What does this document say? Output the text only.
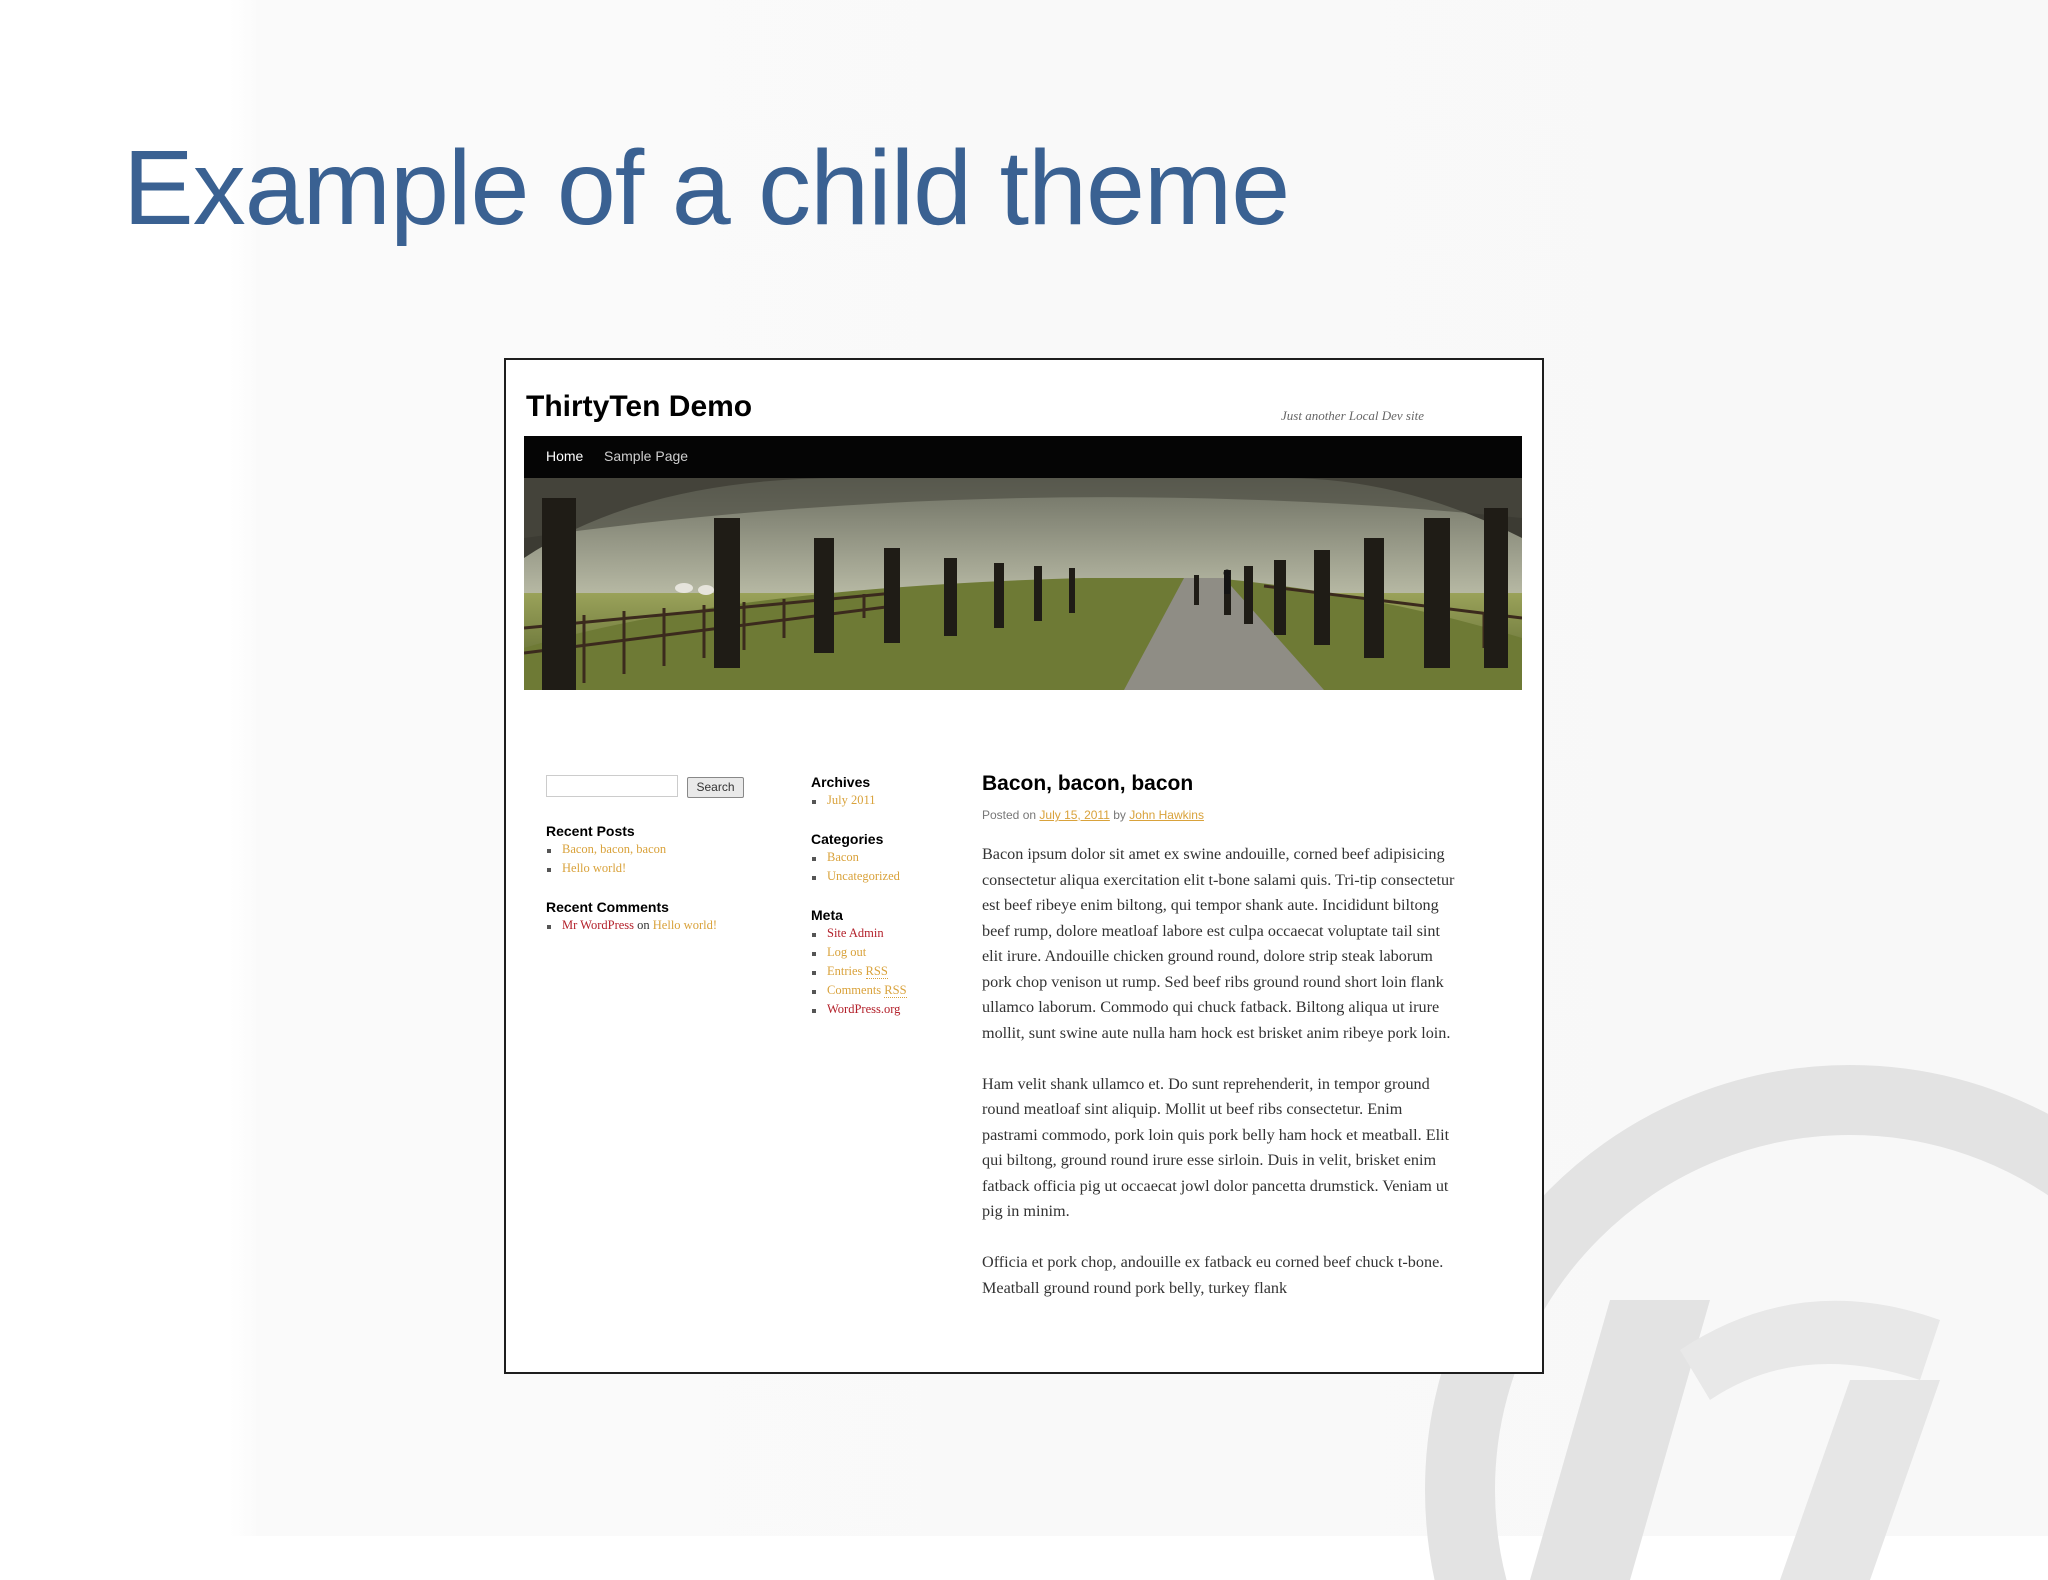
Example of a child theme
ThirtyTen Demo	Just another Local Dev site
Home Sample Page
Search
Recent Posts
Bacon, bacon, bacon
Hello world!
Recent Comments
Mr WordPress on Hello world!
Archives
July 2011
Categories
Bacon
Uncategorized
Meta
Site Admin
Log out
Entries RSS
Comments RSS
WordPress.org
Bacon, bacon, bacon
Posted on July 15, 2011 by John Hawkins

Bacon ipsum dolor sit amet ex swine andouille, corned beef adipisicing consectetur aliqua exercitation elit t-bone salami quis. Tri-tip consectetur est beef ribeye enim biltong, qui tempor shank aute. Incididunt biltong beef rump, dolore meatloaf labore est culpa occaecat voluptate tail sint elit irure. Andouille chicken ground round, dolore strip steak laborum pork chop venison ut rump. Sed beef ribs ground round short loin flank ullamco laborum. Commodo qui chuck fatback. Biltong aliqua ut irure mollit, sunt swine aute nulla ham hock est brisket anim ribeye pork loin.

Ham velit shank ullamco et. Do sunt reprehenderit, in tempor ground round meatloaf sint aliquip. Mollit ut beef ribs consectetur. Enim pastrami commodo, pork loin quis pork belly ham hock et meatball. Elit qui biltong, ground round irure esse sirloin. Duis in velit, brisket enim fatback officia pig ut occaecat jowl dolor pancetta drumstick. Veniam ut pig in minim.

Officia et pork chop, andouille ex fatback eu corned beef chuck t-bone. Meatball ground round pork belly, turkey flank
